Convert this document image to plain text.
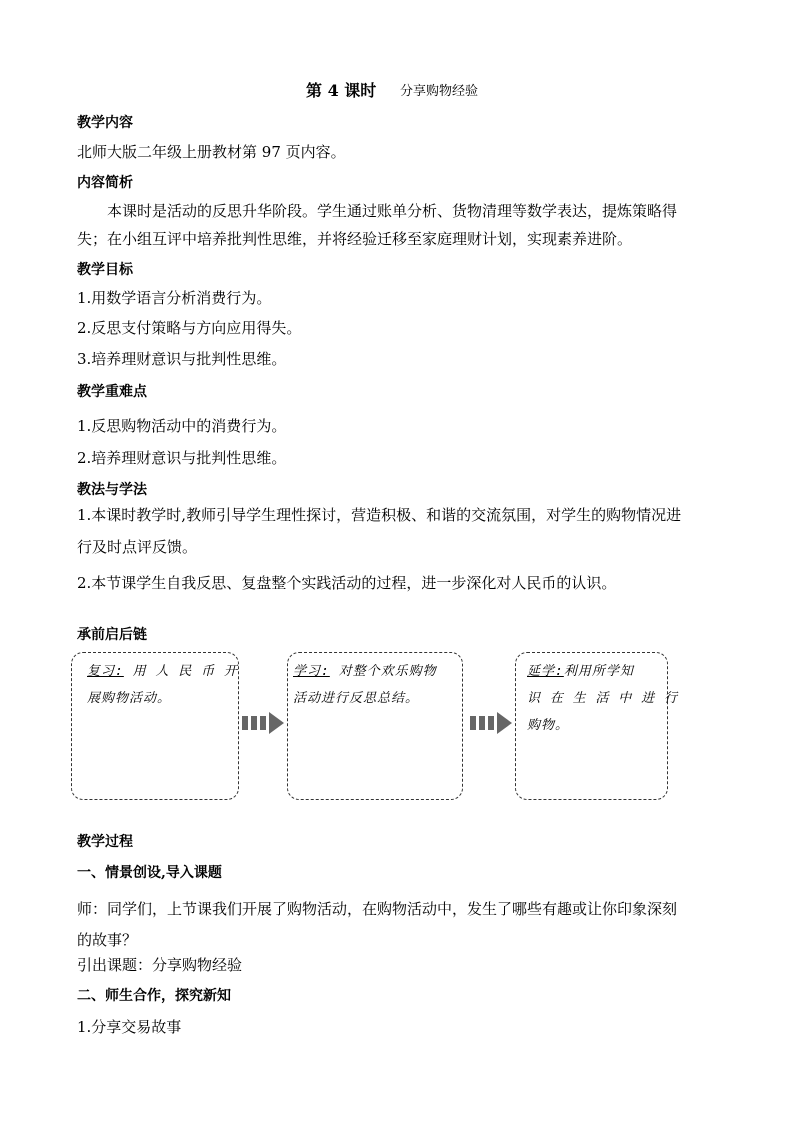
第 4 课时 分享购物经验
教学内容
北师大版二年级上册教材第 97 页内容。
内容简析
本课时是活动的反思升华阶段。学生通过账单分析、货物清理等数学表达，提炼策略得
失；在小组互评中培养批判性思维，并将经验迁移至家庭理财计划，实现素养进阶。
教学目标
1.用数学语言分析消费行为。
2.反思支付策略与方向应用得失。
3.培养理财意识与批判性思维。
教学重难点
1.反思购物活动中的消费行为。
2.培养理财意识与批判性思维。
教法与学法
1.本课时教学时,教师引导学生理性探讨，营造积极、和谐的交流氛围，对学生的购物情况进
行及时点评反馈。
2.本节课学生自我反思、复盘整个实践活动的过程，进一步深化对人民币的认识。
承前启后链
复习: 用 人 民 币 开
展购物活动。
学习: 对整个欢乐购物
活动进行反思总结。
延学:利用所学知
识 在 生 活 中 进 行
购物。
教学过程
一、情景创设,导入课题
师：同学们，上节课我们开展了购物活动，在购物活动中，发生了哪些有趣或让你印象深刻
的故事？
引出课题：分享购物经验
二、师生合作，探究新知
1.分享交易故事
